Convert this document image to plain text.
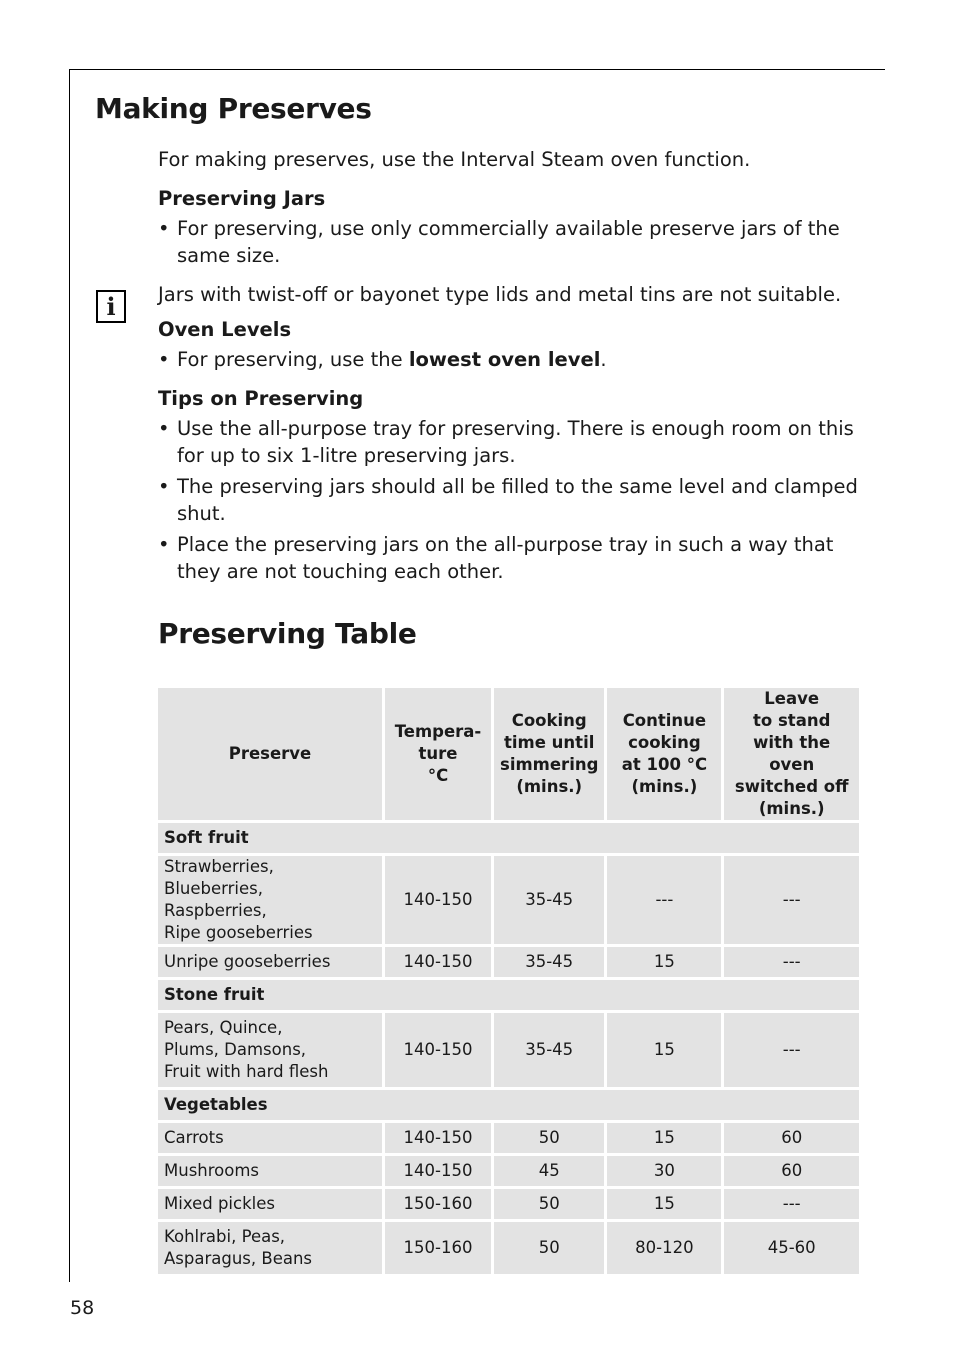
Making Preserves
i

For making preserves, use the Interval Steam oven function.

Preserving Jars

• For preserving, use only commercially available preserve jars of the same size.

Jars with twist-off or bayonet type lids and metal tins are not suitable.

Oven Levels

• For preserving, use the lowest oven level.

Tips on Preserving

• Use the all-purpose tray for preserving. There is enough room on this for up to six 1-litre preserving jars.
• The preserving jars should all be filled to the same level and clamped shut.
• Place the preserving jars on the all-purpose tray in such a way that they are not touching each other.
Preserving Table
Preserve	Tempera-
ture
°C	Cooking
time until
simmering
(mins.)	Continue
cooking
at 100 °C
(mins.)	Leave
to stand
with the oven
switched off
(mins.)

Soft fruit				

Strawberries, Blueberries,
Raspberries,
Ripe gooseberries	140-150	35-45	---	---

Unripe gooseberries	140-150	35-45	15	---
Stone fruit				

Pears, Quince,
Plums, Damsons,
Fruit with hard flesh	140-150	35-45	15	---
Vegetables				

Carrots	140-150	50	15	60

Mushrooms	140-150	45	30	60

Mixed pickles	150-160	50	15	---

Kohlrabi, Peas,
Asparagus, Beans	150-160	50	80-120	45-60
58
